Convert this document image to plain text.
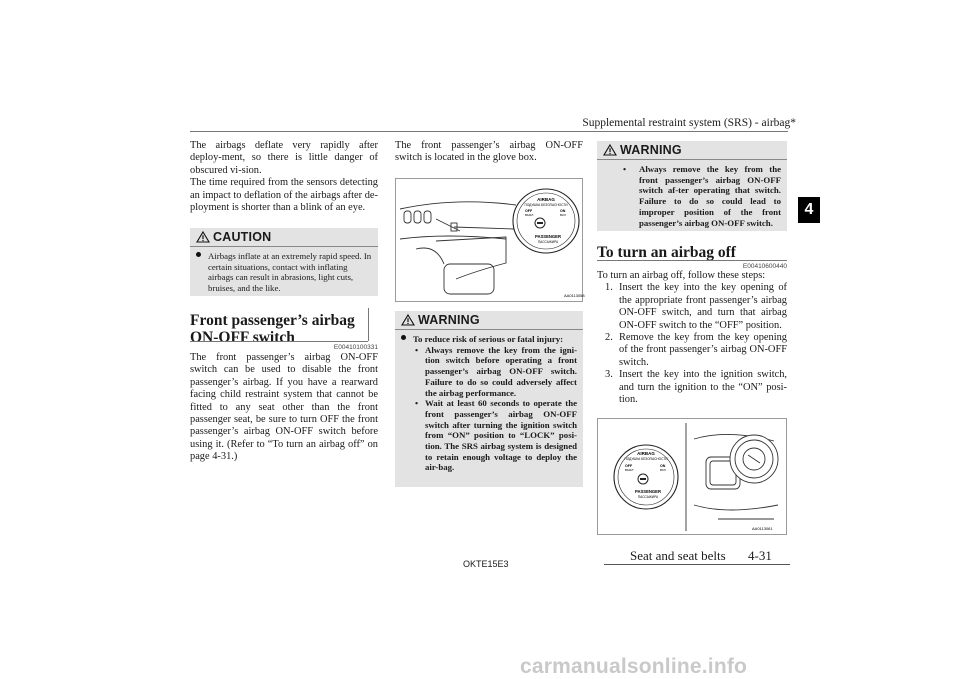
Supplemental restraint system (SRS) - airbag*
4

The airbags deflate very rapidly after deploy-ment, so there is little danger of obscured vi-sion.

The time required from the sensors detecting an impact to deflation of the airbags after de-ployment is shorter than a blink of an eye.

CAUTION
Airbags inflate at an extremely rapid speed. In certain situations, contact with inflating airbags can result in abrasions, light cuts, bruises, and the like.
Front passenger’s airbag ON-OFF switch
E00410100331

The front passenger’s airbag ON-OFF switch can be used to disable the front passenger’s airbag. If you have a rearward facing child restraint system that cannot be fitted to any seat other than the front passenger seat, be sure to turn OFF the front passenger’s airbag ON-OFF switch before using it. (Refer to “To turn an airbag off” on page 4-31.)

The front passenger’s airbag ON-OFF switch is located in the glove box.

AIRBAG
ПОДУШКА БЕЗОПАСНОСТИ
OFF
ВЫКЛ
ON
ВКЛ
PASSENGER
ПАССАЖИРА
AA0113058
WARNING
To reduce risk of serious or fatal injury:
• Always remove the key from the igni-tion switch before operating a front passenger’s airbag ON-OFF switch. Failure to do so could adversely affect the airbag performance.
• Wait at least 60 seconds to operate the front passenger’s airbag ON-OFF switch after turning the ignition switch from “ON” position to “LOCK” posi-tion. The SRS airbag system is designed to retain enough voltage to deploy the air-bag.
WARNING
•	Always remove the key from the front passenger’s airbag ON-OFF switch af-ter operating that switch. Failure to do so could lead to improper position of the front passenger’s airbag ON-OFF switch.
To turn an airbag off
E00410600440

To turn an airbag off, follow these steps:

1. Insert the key into the key opening of the appropriate front passenger’s airbag ON-OFF switch, and turn that airbag ON-OFF switch to the “OFF” position.
2. Remove the key from the key opening of the front passenger’s airbag ON-OFF switch.
3. Insert the key into the ignition switch, and turn the ignition to the “ON” posi-tion.
AIRBAG
ПОДУШКА БЕЗОПАСНОСТИ
OFF
ВЫКЛ
ON
ВКЛ
PASSENGER
ПАССАЖИРА
AA0113061
OKTE15E3
Seat and seat belts 4-31
carmanualsonline.info
